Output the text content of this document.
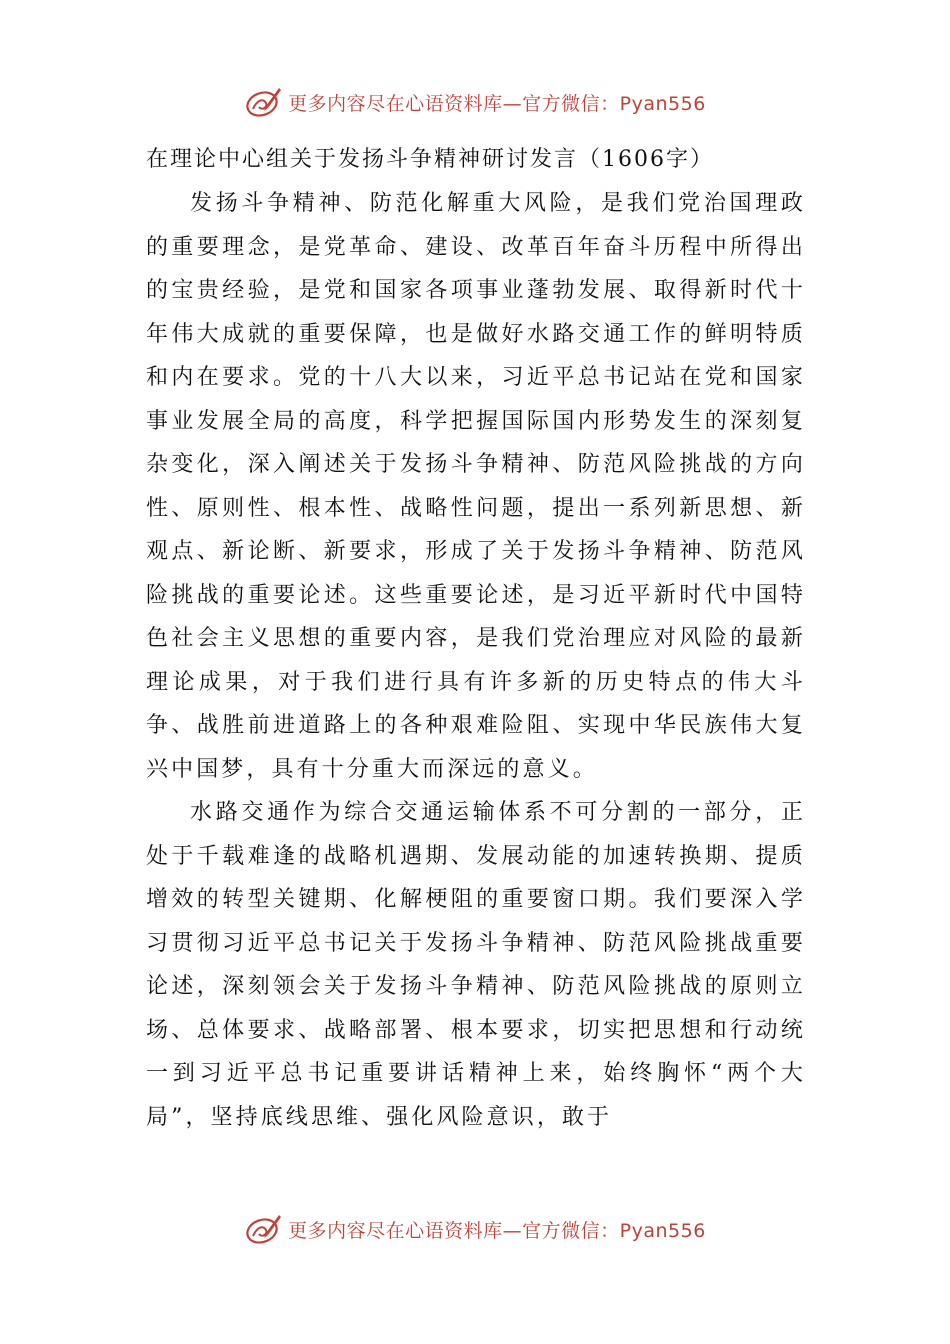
更多内容尽在心语资料库—官方微信：Pyan556
在理论中心组关于发扬斗争精神研讨发言（1606字）

发扬斗争精神、防范化解重大风险，是我们党治国理政的重要理念，是党革命、建设、改革百年奋斗历程中所得出的宝贵经验，是党和国家各项事业蓬勃发展、取得新时代十年伟大成就的重要保障，也是做好水路交通工作的鲜明特质和内在要求。党的十八大以来，习近平总书记站在党和国家事业发展全局的高度，科学把握国际国内形势发生的深刻复杂变化，深入阐述关于发扬斗争精神、防范风险挑战的方向性、原则性、根本性、战略性问题，提出一系列新思想、新观点、新论断、新要求，形成了关于发扬斗争精神、防范风险挑战的重要论述。这些重要论述，是习近平新时代中国特色社会主义思想的重要内容，是我们党治理应对风险的最新理论成果，对于我们进行具有许多新的历史特点的伟大斗争、战胜前进道路上的各种艰难险阻、实现中华民族伟大复兴中国梦，具有十分重大而深远的意义。

水路交通作为综合交通运输体系不可分割的一部分，正处于千载难逢的战略机遇期、发展动能的加速转换期、提质增效的转型关键期、化解梗阻的重要窗口期。我们要深入学习贯彻习近平总书记关于发扬斗争精神、防范风险挑战重要论述，深刻领会关于发扬斗争精神、防范风险挑战的原则立场、总体要求、战略部署、根本要求，切实把思想和行动统一到习近平总书记重要讲话精神上来，始终胸怀“两个大局”，坚持底线思维、强化风险意识，敢于

更多内容尽在心语资料库—官方微信：Pyan556
